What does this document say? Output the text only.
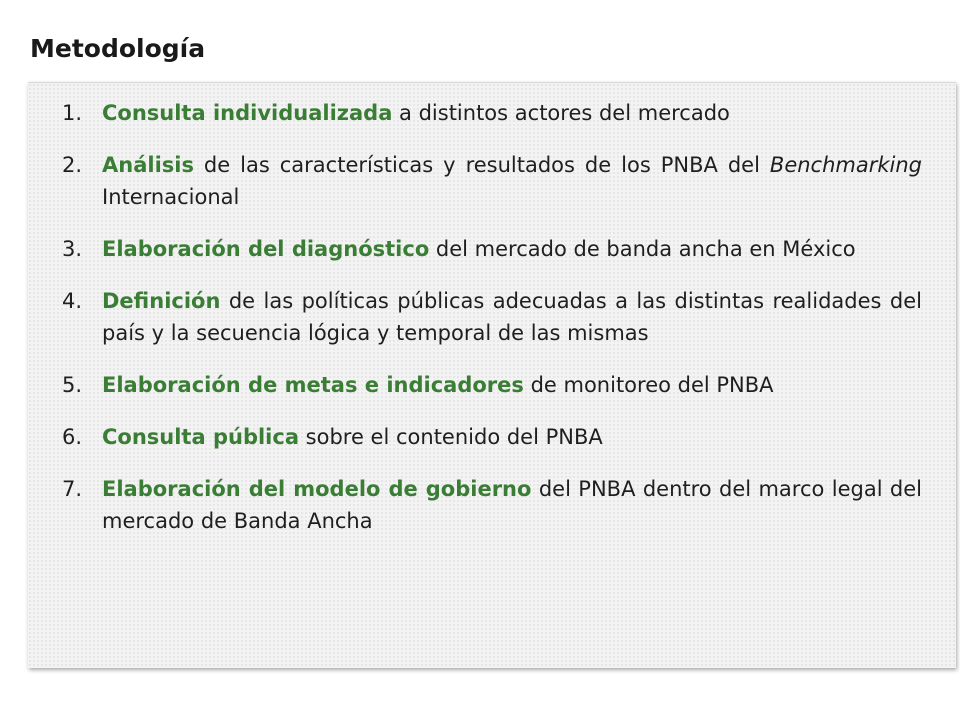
Metodología
1. Consulta individualizada a distintos actores del mercado
2. Análisis de las características y resultados de los PNBA del Benchmarking Internacional
3. Elaboración del diagnóstico del mercado de banda ancha en México
4. Definición de las políticas públicas adecuadas a las distintas realidades del país y la secuencia lógica y temporal de las mismas
5. Elaboración de metas e indicadores de monitoreo del PNBA
6. Consulta pública sobre el contenido del PNBA
7. Elaboración del modelo de gobierno del PNBA dentro del marco legal del mercado de Banda Ancha
